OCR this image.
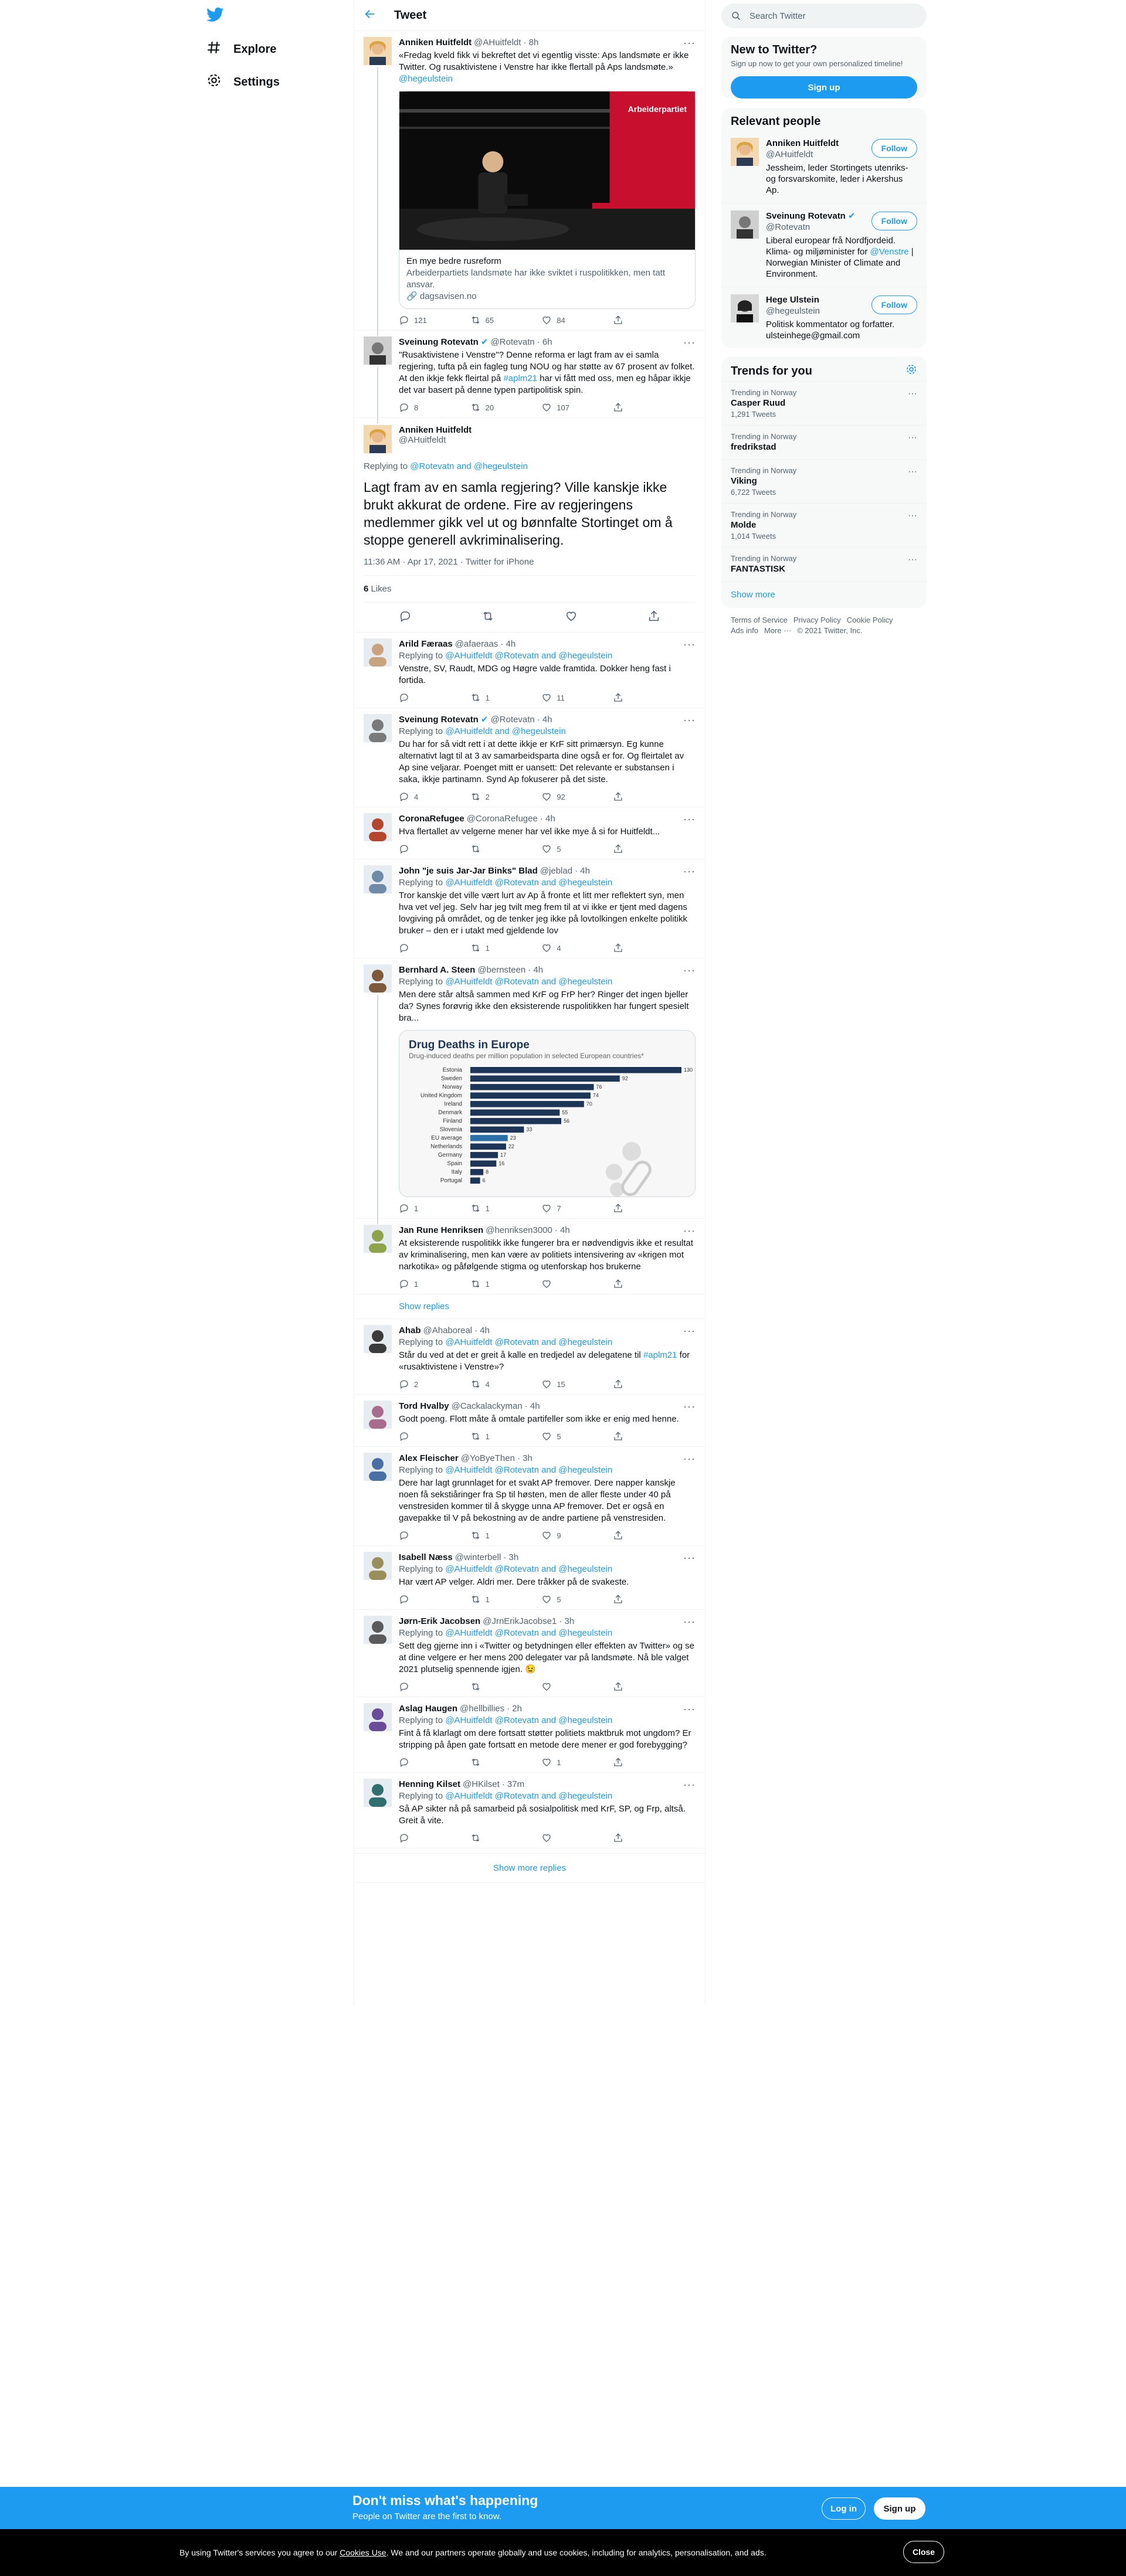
Explore
Settings
Tweet
Anniken Huitfeldt @AHuitfeldt · 8h	···
«Fredag kveld fikk vi bekreftet det vi egentlig visste: Aps landsmøte er ikke Twitter. Og rusaktivistene i Venstre har ikke flertall på Aps landsmøte.» @hegeulstein
Arbeiderpartiet
En mye bedre rusreform
Arbeiderpartiets landsmøte har ikke sviktet i ruspolitikken, men tatt ansvar.
🔗 dagsavisen.no
121	65	84
Sveinung Rotevatn ✔ @Rotevatn · 6h	···
"Rusaktivistene i Venstre"? Denne reforma er lagt fram av ei samla regjering, tufta på ein fagleg tung NOU og har støtte av 67 prosent av folket. At den ikkje fekk fleirtal på #aplm21 har vi fått med oss, men eg håpar ikkje det var basert på denne typen partipolitisk spin.
8	20	107
Anniken Huitfeldt
@AHuitfeldt
Replying to @Rotevatn and @hegeulstein
Lagt fram av en samla regjering? Ville kanskje ikke brukt akkurat de ordene. Fire av regjeringens medlemmer gikk vel ut og bønnfalte Stortinget om å stoppe generell avkriminalisering.
11:36 AM · Apr 17, 2021 · Twitter for iPhone
6 Likes
Arild Færaas @afaeraas · 4h	···
Replying to @AHuitfeldt @Rotevatn and @hegeulstein
Venstre, SV, Raudt, MDG og Høgre valde framtida. Dokker heng fast i fortida.
1	11
Sveinung Rotevatn ✔ @Rotevatn · 4h	···
Replying to @AHuitfeldt and @hegeulstein
Du har for så vidt rett i at dette ikkje er KrF sitt primærsyn. Eg kunne alternativt lagt til at 3 av samarbeidsparta dine også er for. Og fleirtalet av Ap sine veljarar. Poenget mitt er uansett: Det relevante er substansen i saka, ikkje partinamn. Synd Ap fokuserer på det siste.
4	2	92
CoronaRefugee @CoronaRefugee · 4h	···
Hva flertallet av velgerne mener har vel ikke mye å si for Huitfeldt...
5
John "je suis Jar-Jar Binks" Blad @jeblad · 4h	···
Replying to @AHuitfeldt @Rotevatn and @hegeulstein
Tror kanskje det ville vært lurt av Ap å fronte et litt mer reflektert syn, men hva vet vel jeg. Selv har jeg tvilt meg frem til at vi ikke er tjent med dagens lovgiving på området, og de tenker jeg ikke på lovtolkingen enkelte politikk bruker – den er i utakt med gjeldende lov
1	4
Bernhard A. Steen @bernsteen · 4h	···
Replying to @AHuitfeldt @Rotevatn and @hegeulstein
Men dere står altså sammen med KrF og FrP her? Ringer det ingen bjeller da? Synes forøvrig ikke den eksisterende ruspolitikken har fungert spesielt bra...
Drug Deaths in Europe
Drug-induced deaths per million population in selected European countries*
Estonia	130
Sweden	92
Norway	76
United Kingdom	74
Ireland	70
Denmark	55
Finland	56
Slovenia	33
EU average	23
Netherlands	22
Germany	17
Spain	16
Italy	8
Portugal	6
1	1	7
Jan Rune Henriksen @henriksen3000 · 4h	···
At eksisterende ruspolitikk ikke fungerer bra er nødvendigvis ikke et resultat av kriminalisering, men kan være av politiets intensivering av «krigen mot narkotika» og påfølgende stigma og utenforskap hos brukerne
1	1
Show replies
Ahab @Ahaboreal · 4h	···
Replying to @AHuitfeldt @Rotevatn and @hegeulstein
Står du ved at det er greit å kalle en tredjedel av delegatene til #aplm21 for «rusaktivistene i Venstre»?
2	4	15
Tord Hvalby @Cackalackyman · 4h	···
Godt poeng. Flott måte å omtale partifeller som ikke er enig med henne.
1	5
Alex Fleischer @YoByeThen · 3h	···
Replying to @AHuitfeldt @Rotevatn and @hegeulstein
Dere har lagt grunnlaget for et svakt AP fremover. Dere napper kanskje noen få sekstiåringer fra Sp til høsten, men de aller fleste under 40 på venstresiden kommer til å skygge unna AP fremover. Det er også en gavepakke til V på bekostning av de andre partiene på venstresiden.
1	9
Isabell Næss @winterbell · 3h	···
Replying to @AHuitfeldt @Rotevatn and @hegeulstein
Har vært AP velger. Aldri mer. Dere tråkker på de svakeste.
1	5
Jørn-Erik Jacobsen @JrnErikJacobse1 · 3h	···
Replying to @AHuitfeldt @Rotevatn and @hegeulstein
Sett deg gjerne inn i «Twitter og betydningen eller effekten av Twitter» og se at dine velgere er her mens 200 delegater var på landsmøte. Nå ble valget 2021 plutselig spennende igjen. 😉
Aslag Haugen @hellbillies · 2h	···
Replying to @AHuitfeldt @Rotevatn and @hegeulstein
Fint å få klarlagt om dere fortsatt støtter politiets maktbruk mot ungdom? Er stripping på åpen gate fortsatt en metode dere mener er god forebygging?
1
Henning Kilset @HKilset · 37m	···
Replying to @AHuitfeldt @Rotevatn and @hegeulstein
Så AP sikter nå på samarbeid på sosialpolitisk med KrF, SP, og Frp, altså. Greit å vite.
Show more replies
Search Twitter
New to Twitter?

Sign up now to get your own personalized timeline!

Sign up
Relevant people
Anniken Huitfeldt
@AHuitfeldt
Jessheim, leder Stortingets utenriks- og forsvarskomite, leder i Akershus Ap.
Follow
Sveinung Rotevatn ✔
@Rotevatn
Liberal europear frå Nordfjordeid. Klima- og miljøminister for @Venstre | Norwegian Minister of Climate and Environment.
Follow
Hege Ulstein
@hegeulstein
Politisk kommentator og forfatter. ulsteinhege@gmail.com
Follow
Trends for you
Trending in Norway
Casper Ruud
1,291 Tweets
···
Trending in Norway
fredrikstad
···
Trending in Norway
Viking
6,722 Tweets
···
Trending in Norway
Molde
1,014 Tweets
···
Trending in Norway
FANTASTISK
···
Show more
Terms of Service Privacy Policy Cookie Policy
Ads info More ··· © 2021 Twitter, Inc.
Don't miss what's happening
People on Twitter are the first to know.
Log in	Sign up
By using Twitter's services you agree to our Cookies Use. We and our partners operate globally and use cookies, including for analytics, personalisation, and ads.	Close
